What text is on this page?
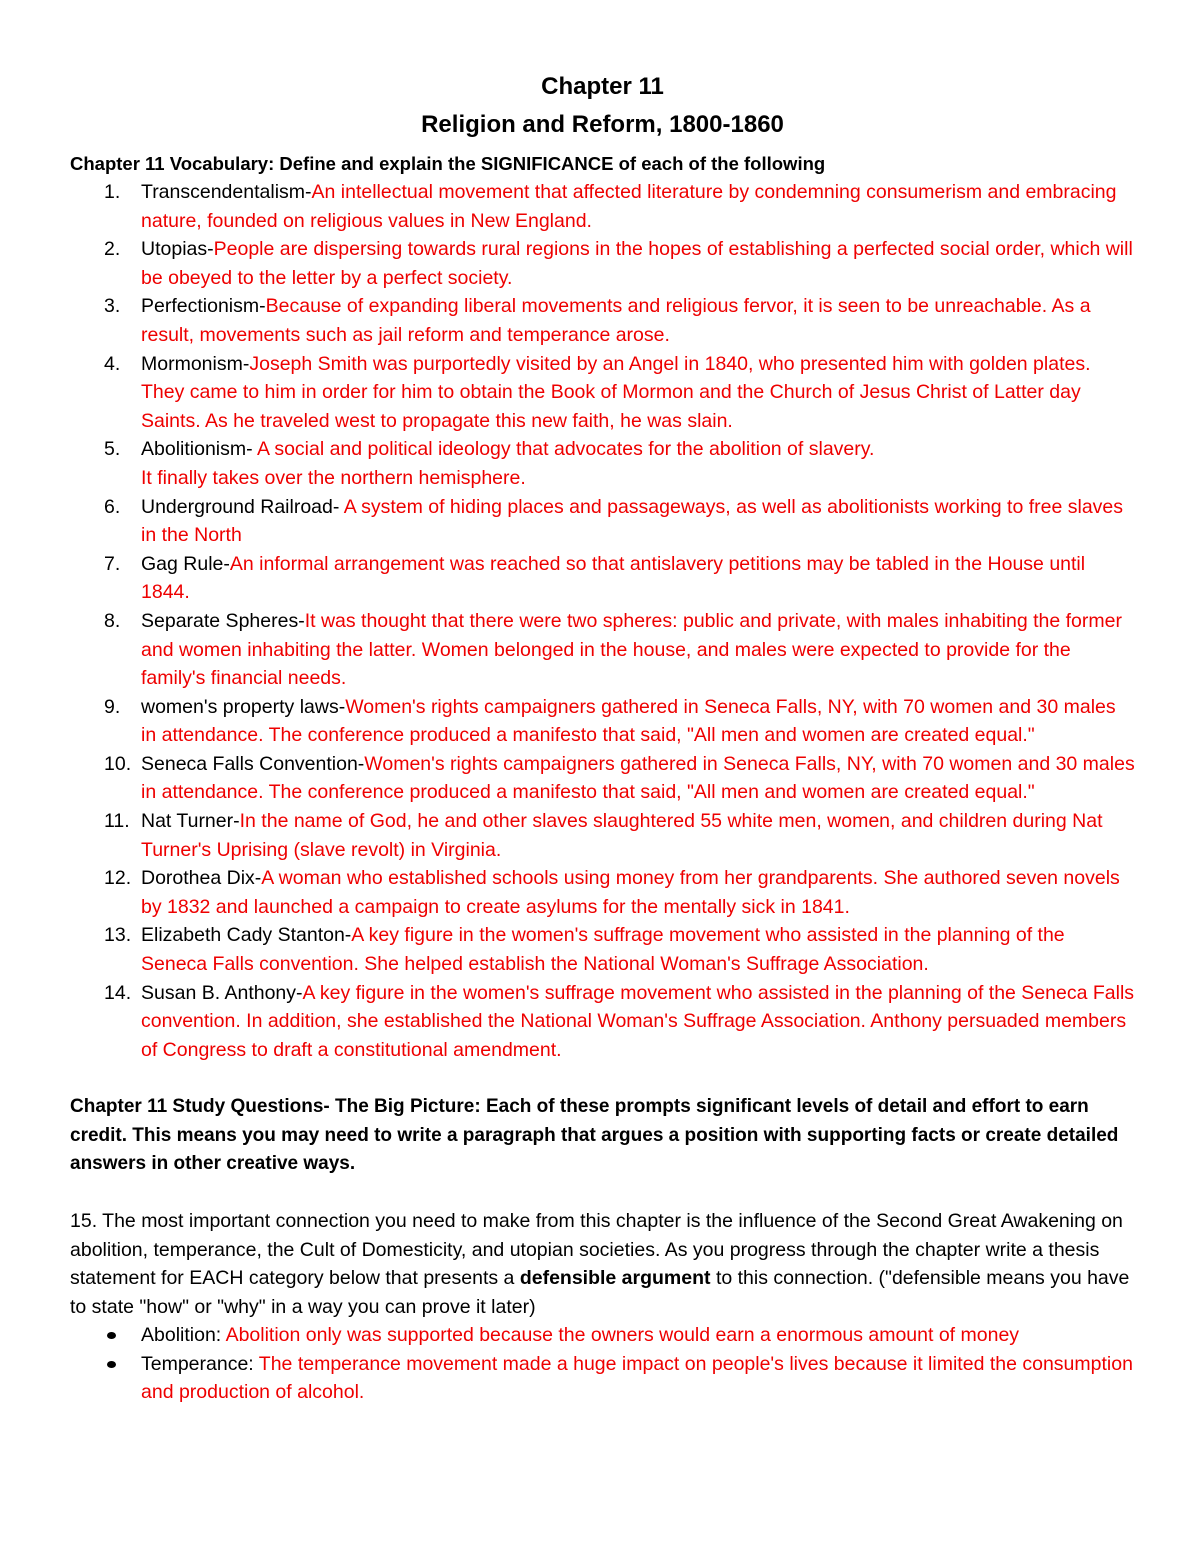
Chapter 11
Religion and Reform, 1800-1860
Chapter 11 Vocabulary: Define and explain the SIGNIFICANCE of each of the following
1. Transcendentalism-An intellectual movement that affected literature by condemning consumerism and embracing nature, founded on religious values in New England.
2. Utopias-People are dispersing towards rural regions in the hopes of establishing a perfected social order, which will be obeyed to the letter by a perfect society.
3. Perfectionism-Because of expanding liberal movements and religious fervor, it is seen to be unreachable. As a result, movements such as jail reform and temperance arose.
4. Mormonism-Joseph Smith was purportedly visited by an Angel in 1840, who presented him with golden plates. They came to him in order for him to obtain the Book of Mormon and the Church of Jesus Christ of Latter day Saints. As he traveled west to propagate this new faith, he was slain.
5. Abolitionism- A social and political ideology that advocates for the abolition of slavery.
It finally takes over the northern hemisphere.
6. Underground Railroad- A system of hiding places and passageways, as well as abolitionists working to free slaves in the North
7. Gag Rule-An informal arrangement was reached so that antislavery petitions may be tabled in the House until 1844.
8. Separate Spheres-It was thought that there were two spheres: public and private, with males inhabiting the former and women inhabiting the latter. Women belonged in the house, and males were expected to provide for the family's financial needs.
9. women's property laws-Women's rights campaigners gathered in Seneca Falls, NY, with 70 women and 30 males in attendance. The conference produced a manifesto that said, "All men and women are created equal."
10. Seneca Falls Convention-Women's rights campaigners gathered in Seneca Falls, NY, with 70 women and 30 males in attendance. The conference produced a manifesto that said, "All men and women are created equal."
11. Nat Turner-In the name of God, he and other slaves slaughtered 55 white men, women, and children during Nat Turner's Uprising (slave revolt) in Virginia.
12. Dorothea Dix-A woman who established schools using money from her grandparents. She authored seven novels by 1832 and launched a campaign to create asylums for the mentally sick in 1841.
13. Elizabeth Cady Stanton-A key figure in the women's suffrage movement who assisted in the planning of the Seneca Falls convention. She helped establish the National Woman's Suffrage Association.
14. Susan B. Anthony-A key figure in the women's suffrage movement who assisted in the planning of the Seneca Falls convention. In addition, she established the National Woman's Suffrage Association. Anthony persuaded members of Congress to draft a constitutional amendment.
Chapter 11 Study Questions- The Big Picture: Each of these prompts significant levels of detail and effort to earn credit. This means you may need to write a paragraph that argues a position with supporting facts or create detailed answers in other creative ways.
15. The most important connection you need to make from this chapter is the influence of the Second Great Awakening on abolition, temperance, the Cult of Domesticity, and utopian societies. As you progress through the chapter write a thesis statement for EACH category below that presents a defensible argument to this connection. ("defensible means you have to state "how" or "why" in a way you can prove it later)
Abolition: Abolition only was supported because the owners would earn a enormous amount of money
Temperance: The temperance movement made a huge impact on people's lives because it limited the consumption and production of alcohol.
